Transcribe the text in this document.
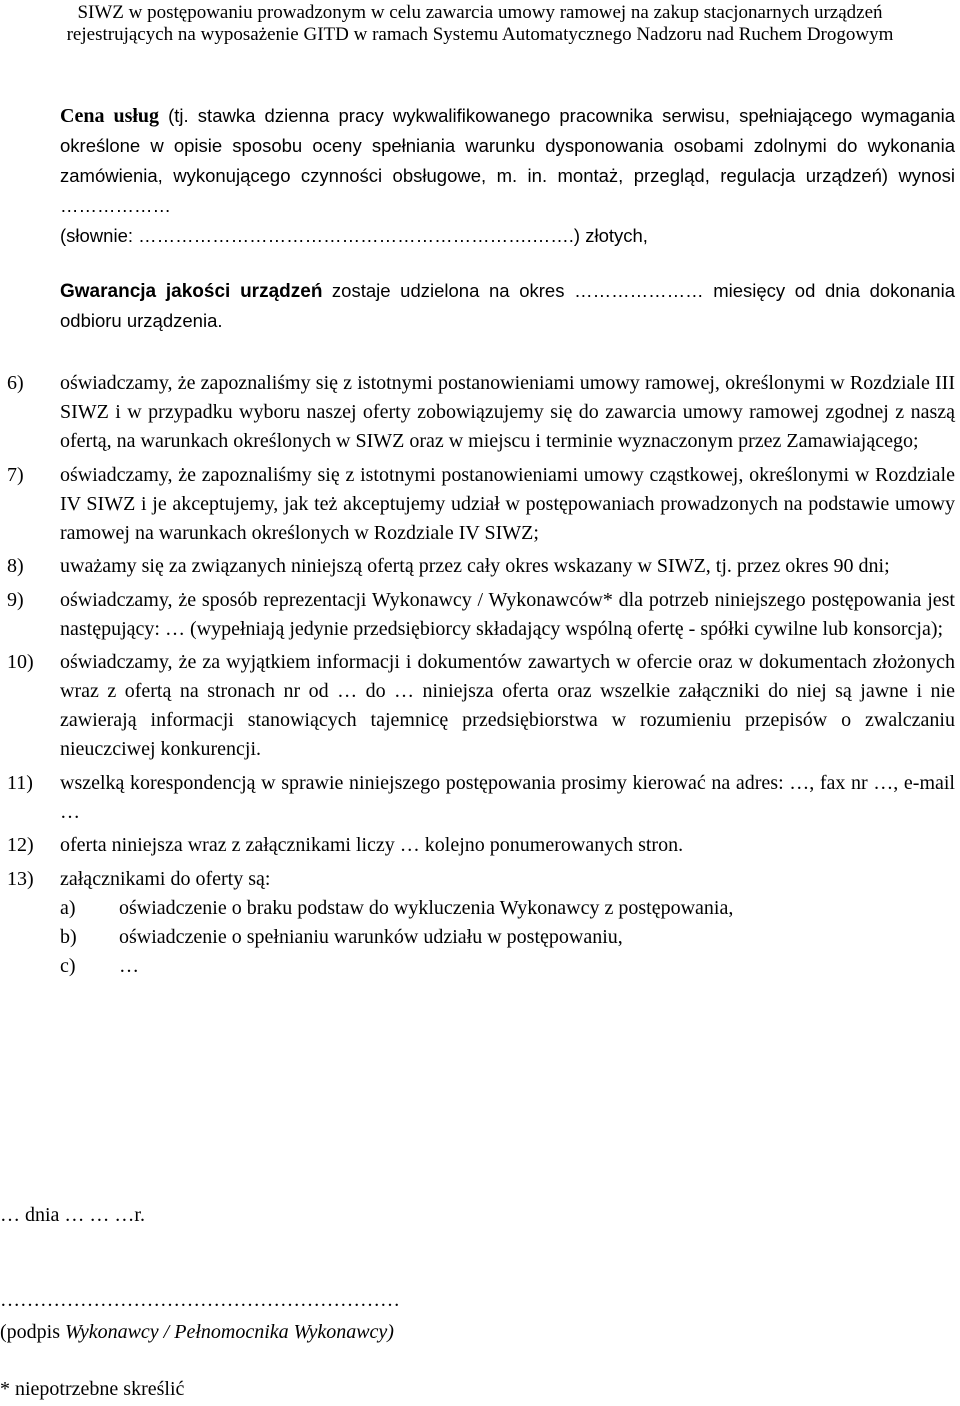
SIWZ w postępowaniu prowadzonym w celu zawarcia umowy ramowej na zakup stacjonarnych urządzeń
rejestrujących na wyposażenie GITD w ramach Systemu Automatycznego Nadzoru nad Ruchem Drogowym
Cena usług (tj. stawka dzienna pracy wykwalifikowanego pracownika serwisu, spełniającego wymagania określone w opisie sposobu oceny spełniania warunku dysponowania osobami zdolnymi do wykonania zamówienia, wykonującego czynności obsługowe, m. in. montaż, przegląd, regulacja urządzeń) wynosi ………………
(słownie: ……………………………………………………….…….) złotych,
Gwarancja jakości urządzeń zostaje udzielona na okres ………………… miesięcy od dnia dokonania odbioru urządzenia.
6) oświadczamy, że zapoznaliśmy się z istotnymi postanowieniami umowy ramowej, określonymi w Rozdziale III SIWZ i w przypadku wyboru naszej oferty zobowiązujemy się do zawarcia umowy ramowej zgodnej z naszą ofertą, na warunkach określonych w SIWZ oraz w miejscu i terminie wyznaczonym przez Zamawiającego;
7) oświadczamy, że zapoznaliśmy się z istotnymi postanowieniami umowy cząstkowej, określonymi w Rozdziale IV SIWZ i je akceptujemy, jak też akceptujemy udział w postępowaniach prowadzonych na podstawie umowy ramowej na warunkach określonych w Rozdziale IV SIWZ;
8) uważamy się za związanych niniejszą ofertą przez cały okres wskazany w SIWZ, tj. przez okres 90 dni;
9) oświadczamy, że sposób reprezentacji Wykonawcy / Wykonawców* dla potrzeb niniejszego postępowania jest następujący: … (wypełniają jedynie przedsiębiorcy składający wspólną ofertę - spółki cywilne lub konsorcja);
10) oświadczamy, że za wyjątkiem informacji i dokumentów zawartych w ofercie oraz w dokumentach złożonych wraz z ofertą na stronach nr od … do … niniejsza oferta oraz wszelkie załączniki do niej są jawne i nie zawierają informacji stanowiących tajemnicę przedsiębiorstwa w rozumieniu przepisów o zwalczaniu nieuczciwej konkurencji.
11) wszelką korespondencją w sprawie niniejszego postępowania prosimy kierować na adres: …, fax nr …, e-mail …
12) oferta niniejsza wraz z załącznikami liczy … kolejno ponumerowanych stron.
13) załącznikami do oferty są:
a) oświadczenie o braku podstaw do wykluczenia Wykonawcy z postępowania,
b) oświadczenie o spełnianiu warunków udziału w postępowaniu,
c) …
… dnia … … …r.
……………………………………………………
(podpis Wykonawcy / Pełnomocnika Wykonawcy)
* niepotrzebne skreślić
